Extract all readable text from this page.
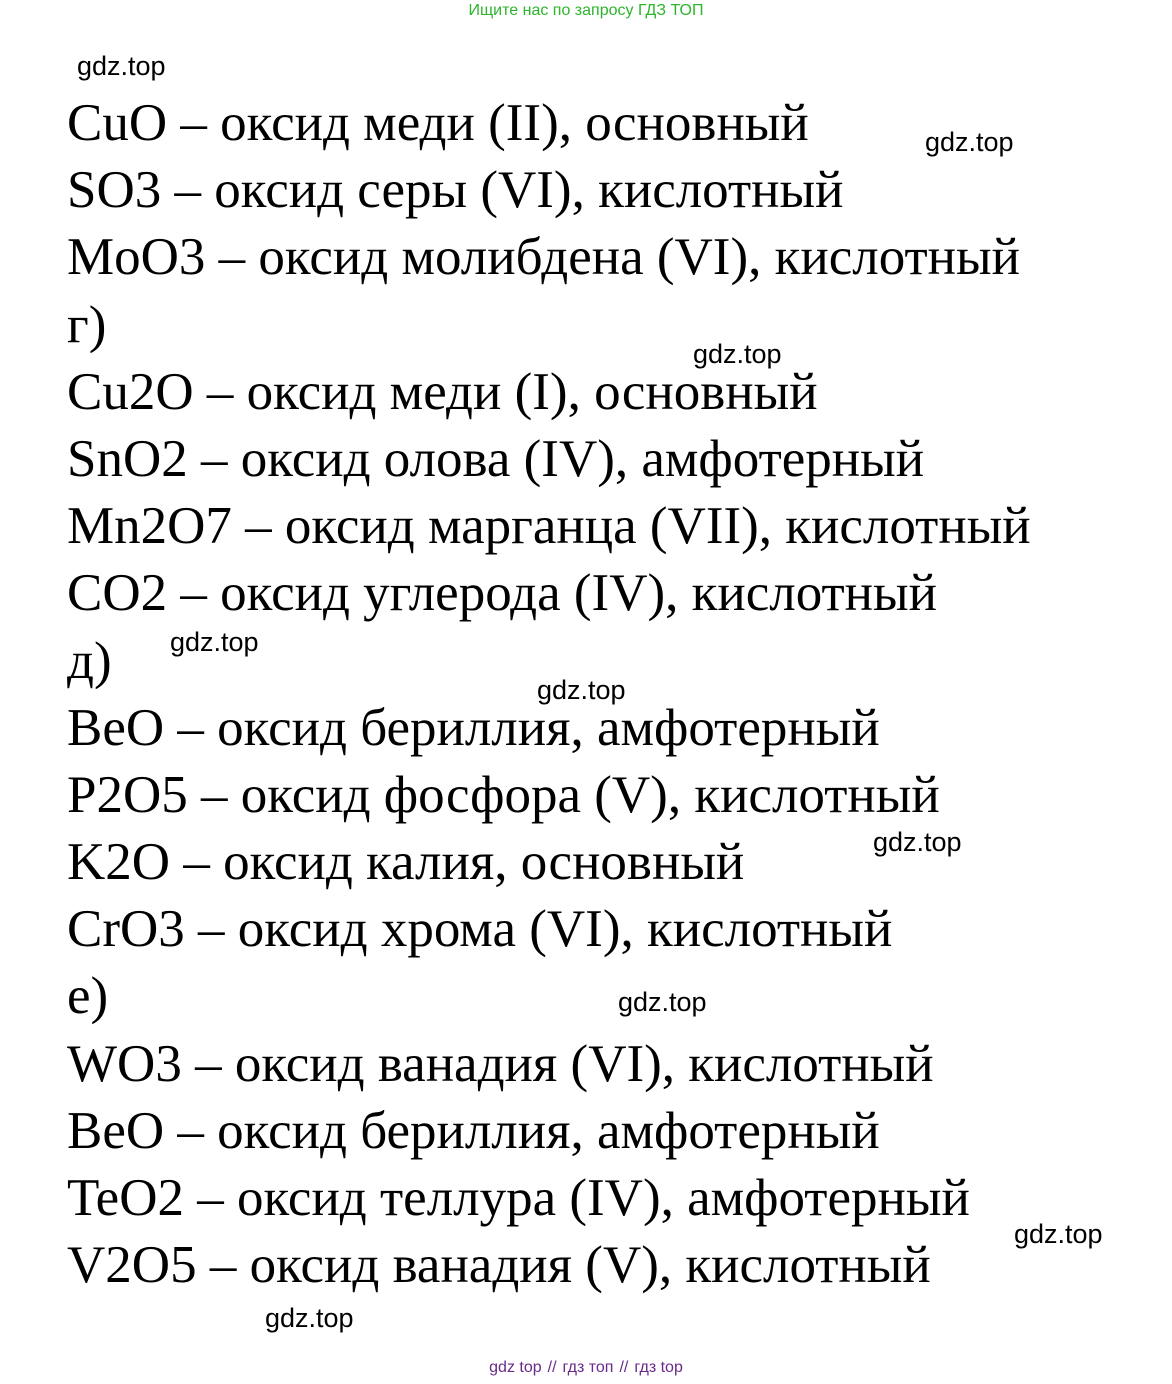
Ищите нас по запросу ГДЗ ТОП
gdz.top
gdz.top
gdz.top
gdz.top
gdz.top
gdz.top
gdz.top
gdz.top
gdz.top
CuO – оксид меди (II), основный
SO3 – оксид серы (VI), кислотный
MoO3 – оксид молибдена (VI), кислотный
г)
Cu2O – оксид меди (I), основный
SnO2 – оксид олова (IV), амфотерный
Mn2O7 – оксид марганца (VII), кислотный
CO2 – оксид углерода (IV), кислотный
д)
BeO – оксид бериллия, амфотерный
P2O5 – оксид фосфора (V), кислотный
K2O – оксид калия, основный
CrO3 – оксид хрома (VI), кислотный
е)
WO3 – оксид ванадия (VI), кислотный
BeO – оксид бериллия, амфотерный
TeO2 – оксид теллура (IV), амфотерный
V2O5 – оксид ванадия (V), кислотный
gdz top // гдз топ // гдз top
